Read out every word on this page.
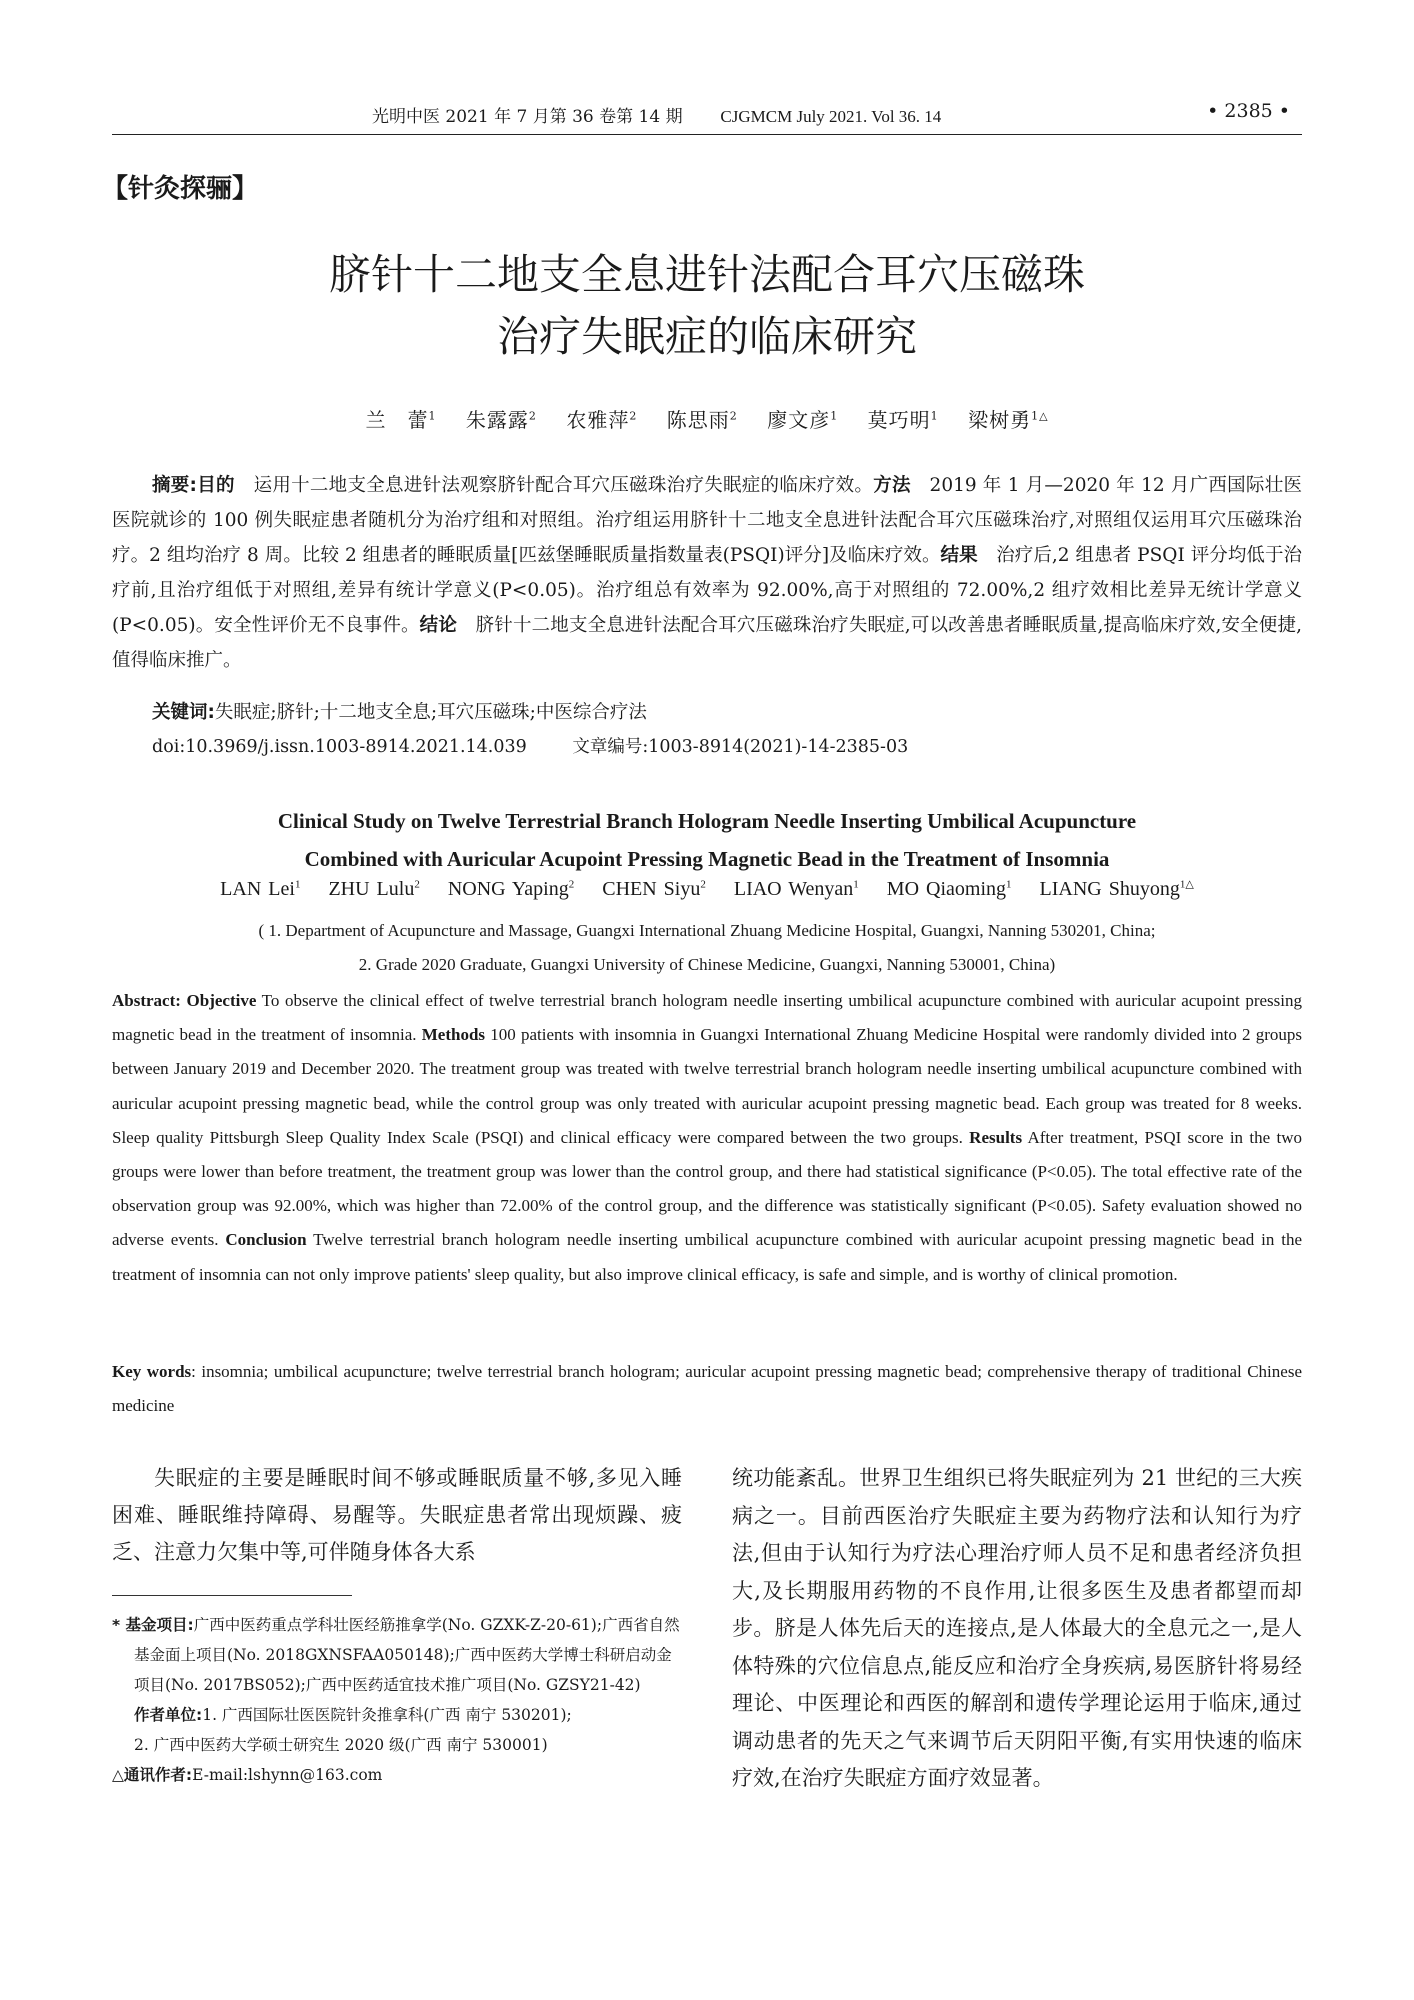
光明中医 2021 年 7 月第 36 卷第 14 期 CJGMCM July 2021. Vol 36. 14	• 2385 •
【针灸探骊】
脐针十二地支全息进针法配合耳穴压磁珠
治疗失眠症的临床研究
兰　蕾$^1$ 朱露露$^2$ 农雅萍$^2$ 陈思雨$^2$ 廖文彦$^1$ 莫巧明$^1$ 梁树勇$^{1\triangle}$

摘要:目的　运用十二地支全息进针法观察脐针配合耳穴压磁珠治疗失眠症的临床疗效。方法　2019 年 1 月—2020 年 12 月广西国际壮医医院就诊的 100 例失眠症患者随机分为治疗组和对照组。治疗组运用脐针十二地支全息进针法配合耳穴压磁珠治疗,对照组仅运用耳穴压磁珠治疗。2 组均治疗 8 周。比较 2 组患者的睡眠质量[匹兹堡睡眠质量指数量表(PSQI)评分]及临床疗效。结果　治疗后,2 组患者 PSQI 评分均低于治疗前,且治疗组低于对照组,差异有统计学意义(P<0.05)。治疗组总有效率为 92.00%,高于对照组的 72.00%,2 组疗效相比差异无统计学意义(P<0.05)。安全性评价无不良事件。结论　脐针十二地支全息进针法配合耳穴压磁珠治疗失眠症,可以改善患者睡眠质量,提高临床疗效,安全便捷,值得临床推广。

关键词:失眠症;脐针;十二地支全息;耳穴压磁珠;中医综合疗法
doi:10.3969/j.issn.1003-8914.2021.14.039	文章编号:1003-8914(2021)-14-2385-03
Clinical Study on Twelve Terrestrial Branch Hologram Needle Inserting Umbilical Acupuncture
Combined with Auricular Acupoint Pressing Magnetic Bead in the Treatment of Insomnia
LAN Lei$^1$ ZHU Lulu$^2$ NONG Yaping$^2$ CHEN Siyu$^2$ LIAO Wenyan$^1$ MO Qiaoming$^1$ LIANG Shuyong$^{1\triangle}$
( 1. Department of Acupuncture and Massage, Guangxi International Zhuang Medicine Hospital, Guangxi, Nanning 530201, China;
2. Grade 2020 Graduate, Guangxi University of Chinese Medicine, Guangxi, Nanning 530001, China)

Abstract: Objective To observe the clinical effect of twelve terrestrial branch hologram needle inserting umbilical acupuncture combined with auricular acupoint pressing magnetic bead in the treatment of insomnia. Methods 100 patients with insomnia in Guangxi International Zhuang Medicine Hospital were randomly divided into 2 groups between January 2019 and December 2020. The treatment group was treated with twelve terrestrial branch hologram needle inserting umbilical acupuncture combined with auricular acupoint pressing magnetic bead, while the control group was only treated with auricular acupoint pressing magnetic bead. Each group was treated for 8 weeks. Sleep quality Pittsburgh Sleep Quality Index Scale (PSQI) and clinical efficacy were compared between the two groups. Results After treatment, PSQI score in the two groups were lower than before treatment, the treatment group was lower than the control group, and there had statistical significance (P<0.05). The total effective rate of the observation group was 92.00%, which was higher than 72.00% of the control group, and the difference was statistically significant (P<0.05). Safety evaluation showed no adverse events. Conclusion Twelve terrestrial branch hologram needle inserting umbilical acupuncture combined with auricular acupoint pressing magnetic bead in the treatment of insomnia can not only improve patients' sleep quality, but also improve clinical efficacy, is safe and simple, and is worthy of clinical promotion.

Key words: insomnia; umbilical acupuncture; twelve terrestrial branch hologram; auricular acupoint pressing magnetic bead; comprehensive therapy of traditional Chinese medicine

失眠症的主要是睡眠时间不够或睡眠质量不够,多见入睡困难、睡眠维持障碍、易醒等。失眠症患者常出现烦躁、疲乏、注意力欠集中等,可伴随身体各大系

* 基金项目:广西中医药重点学科壮医经筋推拿学(No. GZXK-Z-20-61);广西省自然基金面上项目(No. 2018GXNSFAA050148);广西中医药大学博士科研启动金项目(No. 2017BS052);广西中医药适宜技术推广项目(No. GZSY21-42)

作者单位:1. 广西国际壮医医院针灸推拿科(广西 南宁 530201);

2. 广西中医药大学硕士研究生 2020 级(广西 南宁 530001)

△通讯作者:E-mail:lshynn@163.com

统功能紊乱。世界卫生组织已将失眠症列为 21 世纪的三大疾病之一。目前西医治疗失眠症主要为药物疗法和认知行为疗法,但由于认知行为疗法心理治疗师人员不足和患者经济负担大,及长期服用药物的不良作用,让很多医生及患者都望而却步。脐是人体先后天的连接点,是人体最大的全息元之一,是人体特殊的穴位信息点,能反应和治疗全身疾病,易医脐针将易经理论、中医理论和西医的解剖和遗传学理论运用于临床,通过调动患者的先天之气来调节后天阴阳平衡,有实用快速的临床疗效,在治疗失眠症方面疗效显著。
